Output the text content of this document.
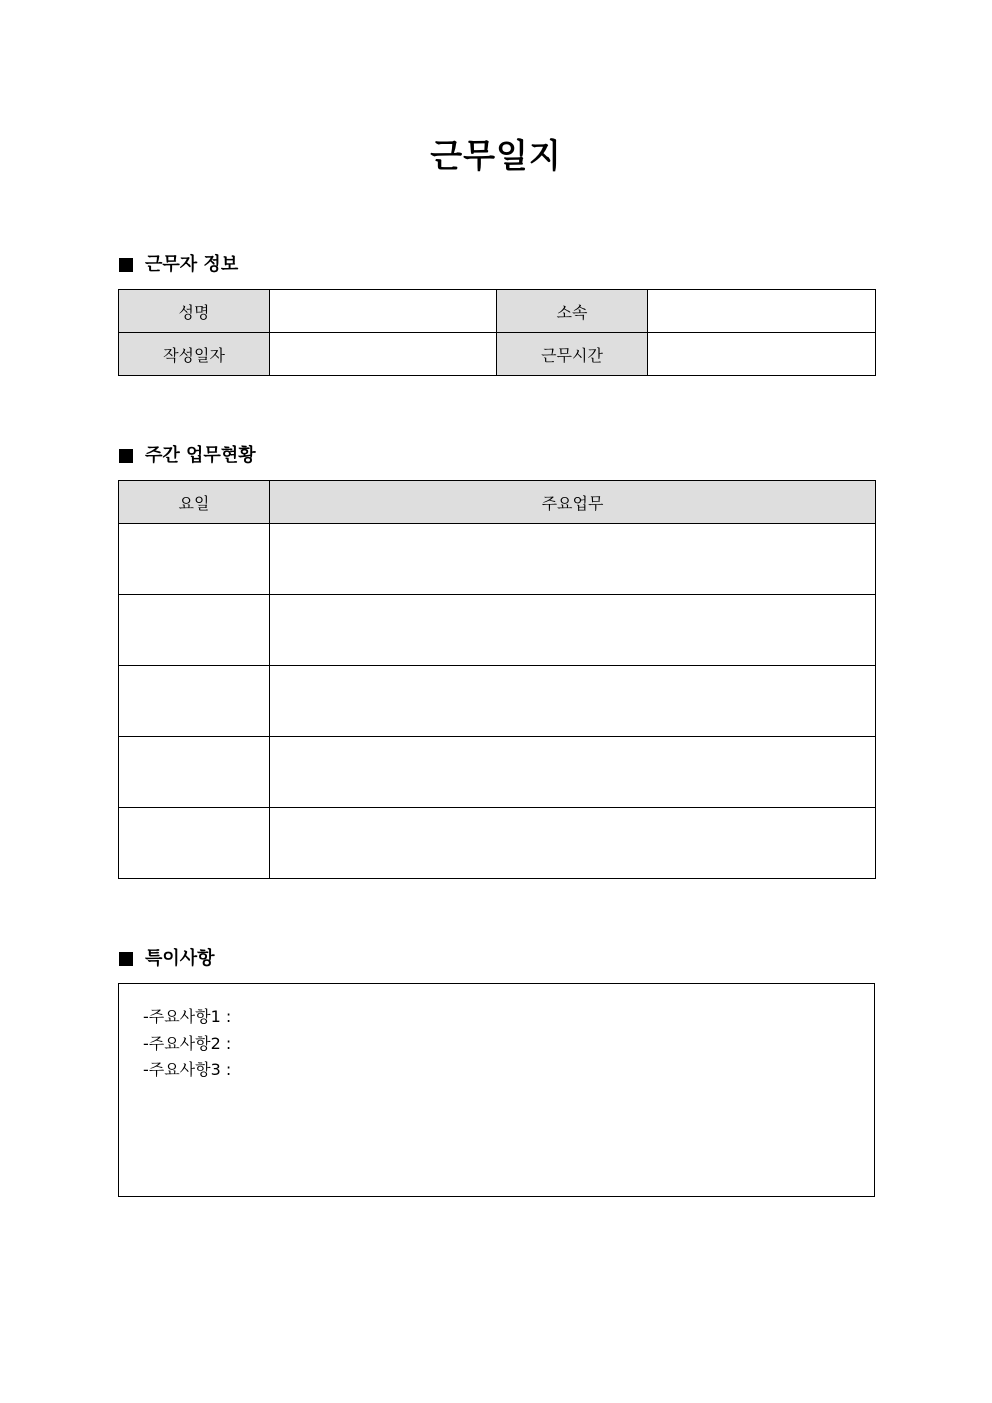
근무일지
근무자 정보
성명		소속	
작성일자		근무시간	
주간 업무현황
요일	주요업무

특이사항
-주요사항1 :
-주요사항2 :
-주요사항3 :
